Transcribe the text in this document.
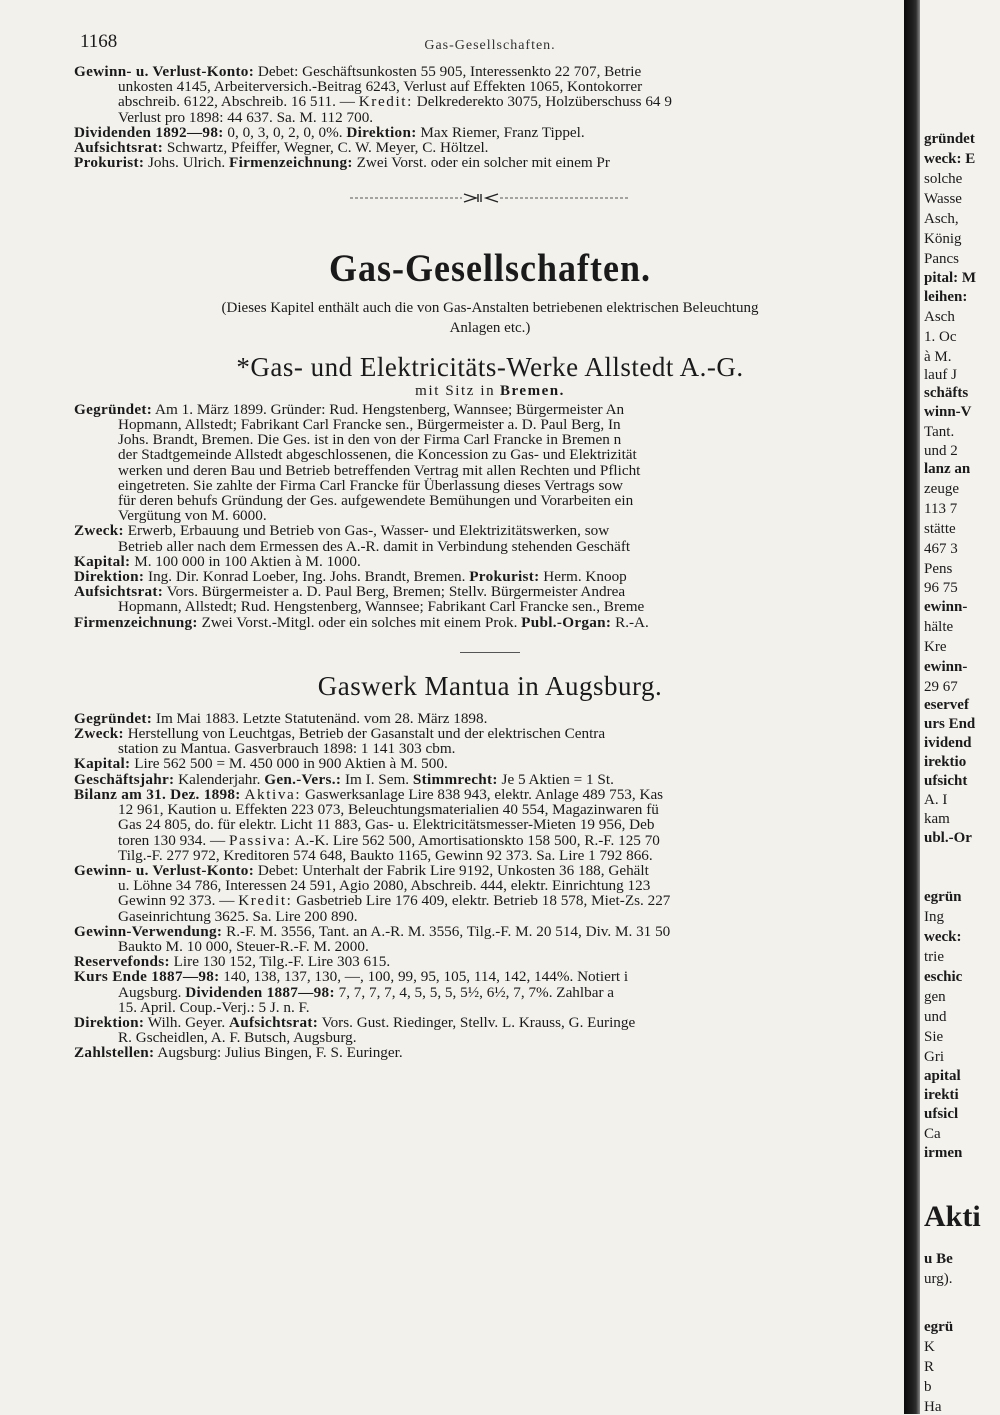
1168	Gas-Gesellschaften.

Gewinn- u. Verlust-Konto: Debet: Geschäftsunkosten 55 905, Interessenkto 22 707, Betrie

unkosten 4145, Arbeiterversich.-Beitrag 6243, Verlust auf Effekten 1065, Kontokorrer

abschreib. 6122, Abschreib. 16 511. — Kredit: Delkrederekto 3075, Holzüberschuss 64 9

Verlust pro 1898: 44 637. Sa. M. 112 700.

Dividenden 1892—98: 0, 0, 3, 0, 2, 0, 0%. Direktion: Max Riemer, Franz Tippel.

Aufsichtsrat: Schwartz, Pfeiffer, Wegner, C. W. Meyer, C. Höltzel.

Prokurist: Johs. Ulrich. Firmenzeichnung: Zwei Vorst. oder ein solcher mit einem Pr

Gas-Gesellschaften.

(Dieses Kapitel enthält auch die von Gas-Anstalten betriebenen elektrischen Beleuchtung

Anlagen etc.)

*Gas- und Elektricitäts-Werke Allstedt A.-G.
mit Sitz in Bremen.

Gegründet: Am 1. März 1899. Gründer: Rud. Hengstenberg, Wannsee; Bürgermeister An

Hopmann, Allstedt; Fabrikant Carl Francke sen., Bürgermeister a. D. Paul Berg, In

Johs. Brandt, Bremen. Die Ges. ist in den von der Firma Carl Francke in Bremen n

der Stadtgemeinde Allstedt abgeschlossenen, die Koncession zu Gas- und Elektrizität

werken und deren Bau und Betrieb betreffenden Vertrag mit allen Rechten und Pflicht

eingetreten. Sie zahlte der Firma Carl Francke für Überlassung dieses Vertrags sow

für deren behufs Gründung der Ges. aufgewendete Bemühungen und Vorarbeiten ein

Vergütung von M. 6000.

Zweck: Erwerb, Erbauung und Betrieb von Gas-, Wasser- und Elektrizitätswerken, sow

Betrieb aller nach dem Ermessen des A.-R. damit in Verbindung stehenden Geschäft

Kapital: M. 100 000 in 100 Aktien à M. 1000.

Direktion: Ing. Dir. Konrad Loeber, Ing. Johs. Brandt, Bremen. Prokurist: Herm. Knoop

Aufsichtsrat: Vors. Bürgermeister a. D. Paul Berg, Bremen; Stellv. Bürgermeister Andrea

Hopmann, Allstedt; Rud. Hengstenberg, Wannsee; Fabrikant Carl Francke sen., Breme

Firmenzeichnung: Zwei Vorst.-Mitgl. oder ein solches mit einem Prok. Publ.-Organ: R.-A.

Gaswerk Mantua in Augsburg.

Gegründet: Im Mai 1883. Letzte Statutenänd. vom 28. März 1898.

Zweck: Herstellung von Leuchtgas, Betrieb der Gasanstalt und der elektrischen Centra

station zu Mantua. Gasverbrauch 1898: 1 141 303 cbm.

Kapital: Lire 562 500 = M. 450 000 in 900 Aktien à M. 500.

Geschäftsjahr: Kalenderjahr. Gen.-Vers.: Im I. Sem. Stimmrecht: Je 5 Aktien = 1 St.

Bilanz am 31. Dez. 1898: Aktiva: Gaswerksanlage Lire 838 943, elektr. Anlage 489 753, Kas

12 961, Kaution u. Effekten 223 073, Beleuchtungsmaterialien 40 554, Magazinwaren fü

Gas 24 805, do. für elektr. Licht 11 883, Gas- u. Elektricitätsmesser-Mieten 19 956, Deb

toren 130 934. — Passiva: A.-K. Lire 562 500, Amortisationskto 158 500, R.-F. 125 70

Tilg.-F. 277 972, Kreditoren 574 648, Baukto 1165, Gewinn 92 373. Sa. Lire 1 792 866.

Gewinn- u. Verlust-Konto: Debet: Unterhalt der Fabrik Lire 9192, Unkosten 36 188, Gehält

u. Löhne 34 786, Interessen 24 591, Agio 2080, Abschreib. 444, elektr. Einrichtung 123

Gewinn 92 373. — Kredit: Gasbetrieb Lire 176 409, elektr. Betrieb 18 578, Miet-Zs. 227

Gaseinrichtung 3625. Sa. Lire 200 890.

Gewinn-Verwendung: R.-F. M. 3556, Tant. an A.-R. M. 3556, Tilg.-F. M. 20 514, Div. M. 31 50

Baukto M. 10 000, Steuer-R.-F. M. 2000.

Reservefonds: Lire 130 152, Tilg.-F. Lire 303 615.

Kurs Ende 1887—98: 140, 138, 137, 130, —, 100, 99, 95, 105, 114, 142, 144%. Notiert i

Augsburg. Dividenden 1887—98: 7, 7, 7, 7, 4, 5, 5, 5, 5½, 6½, 7, 7%. Zahlbar a

15. April. Coup.-Verj.: 5 J. n. F.

Direktion: Wilh. Geyer. Aufsichtsrat: Vors. Gust. Riedinger, Stellv. L. Krauss, G. Euringe

R. Gscheidlen, A. F. Butsch, Augsburg.

Zahlstellen: Augsburg: Julius Bingen, F. S. Euringer.

gründet
weck: E
solche
Wasse
Asch,
König
Pancs
pital: M
leihen:
Asch
1. Oc
à M.
lauf J
schäfts
winn-V
Tant.
und 2
lanz an
zeuge
113 7
stätte
467 3
Pens
96 75
ewinn-
hälte
Kre
ewinn-
29 67
eservef
urs End
ividend
irektio
ufsicht
A. I
kam
ubl.-Or
egrün
Ing
weck:
trie
eschic
gen
und
Sie
Gri
apital
irekti
ufsicl
Ca
irmen
Akti
u Be
urg).
egrü
K
R
b
Ha
